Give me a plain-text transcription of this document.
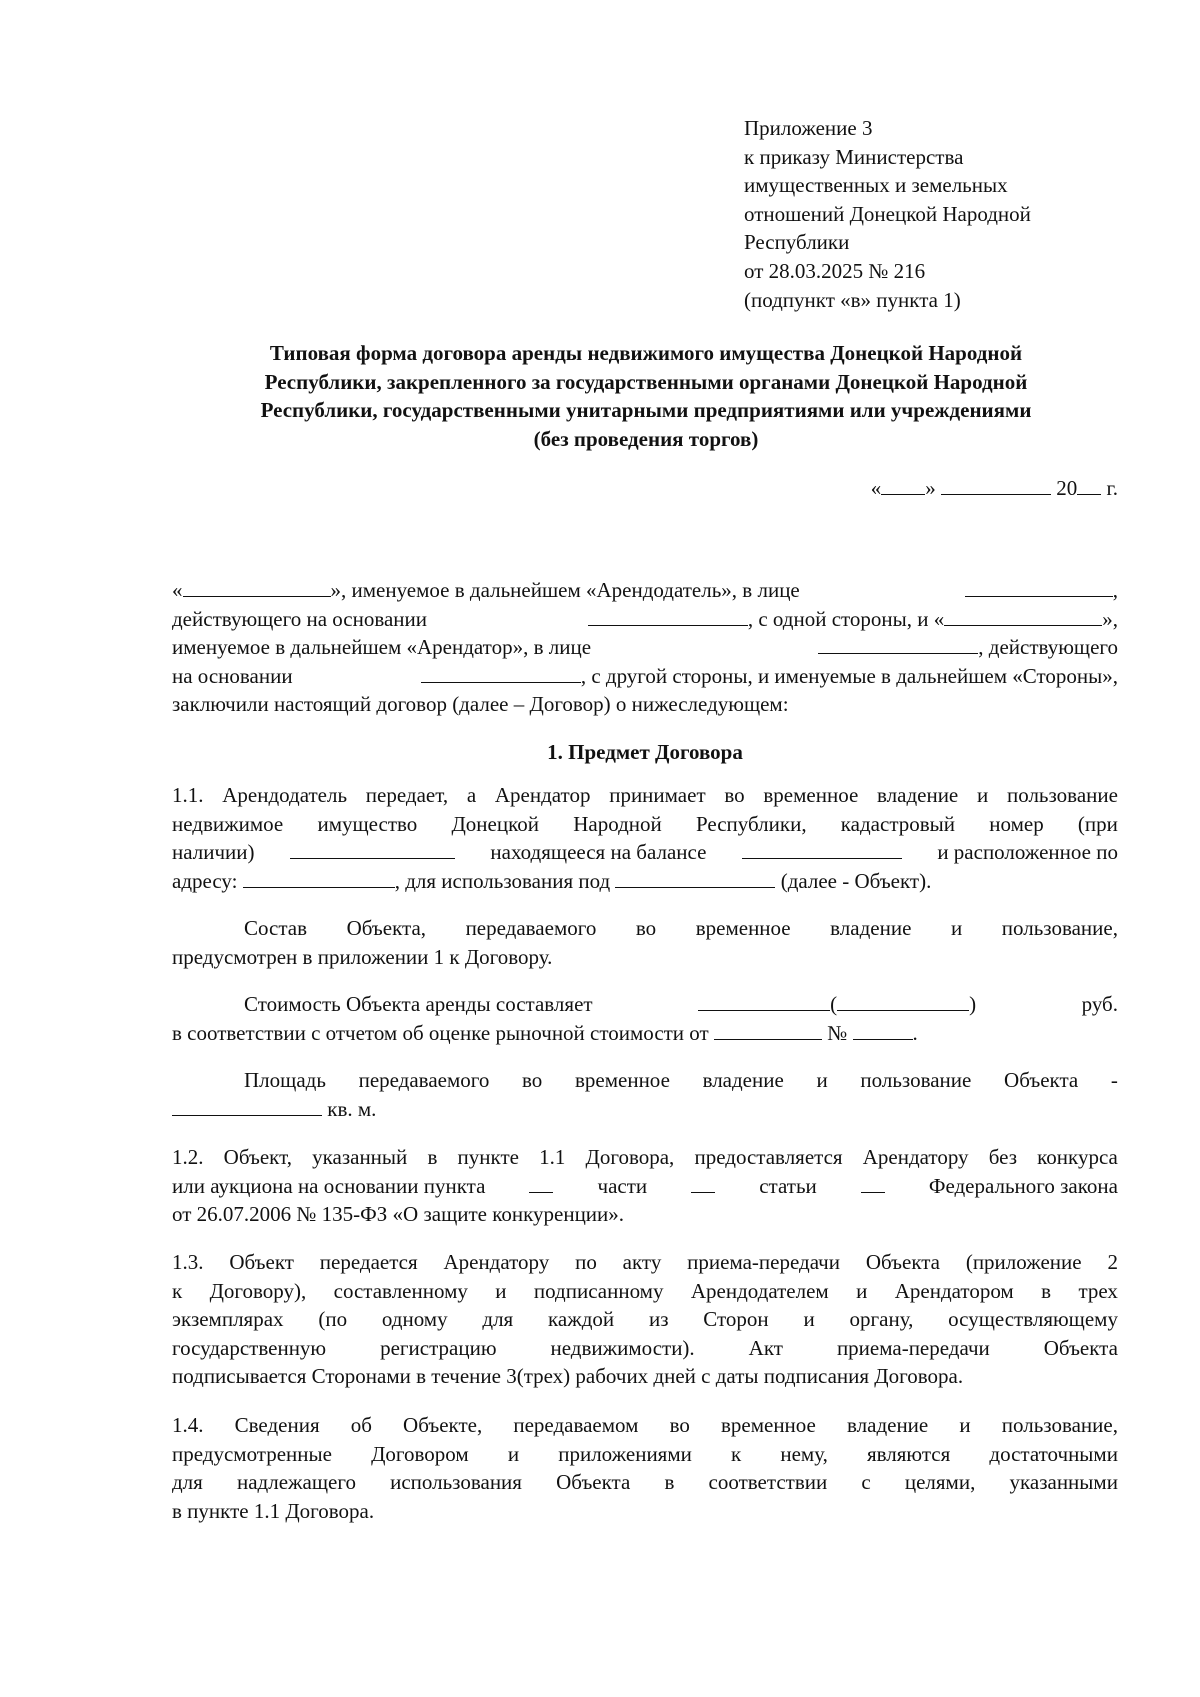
Приложение 3
к приказу Министерства
имущественных и земельных
отношений Донецкой Народной
Республики
от 28.03.2025 № 216
(подпункт «в» пункта 1)
Типовая форма договора аренды недвижимого имущества Донецкой Народной
Республики, закрепленного за государственными органами Донецкой Народной
Республики, государственными унитарными предприятиями или учреждениями
(без проведения торгов)
« »	20 г.
«	», именуемое в дальнейшем «Арендодатель», в лице	,
действующего на основании	, с одной стороны, и «	»,
именуемое в дальнейшем «Арендатор», в лице	, действующего
на основании	, с другой стороны, и именуемые в дальнейшем «Стороны»,
заключили настоящий договор (далее – Договор) о нижеследующем:
1. Предмет Договора
1.1. Арендодатель передает, а Арендатор принимает во временное владение и пользование
недвижимое имущество Донецкой Народной Республики, кадастровый номер (при
наличии)	находящееся на балансе	и расположенное по
адресу:
	, для использования под

	(далее - Объект).
Состав Объекта, передаваемого во временное владение и пользование,
предусмотрен в приложении 1 к Договору.
Стоимость Объекта аренды составляет	(	)	руб.
в соответствии с отчетом об оценке рыночной стоимости от

	№
	.
Площадь передаваемого во временное владение и пользование Объекта -

кв. м.
1.2. Объект, указанный в пункте 1.1 Договора, предоставляется Арендатору без конкурса
или аукциона на основании пункта	части	статьи	Федерального закона
от 26.07.2006 № 135-ФЗ «О защите конкуренции».
1.3. Объект передается Арендатору по акту приема-передачи Объекта (приложение 2
к Договору), составленному и подписанному Арендодателем и Арендатором в трех
экземплярах (по одному для каждой из Сторон и органу, осуществляющему
государственную	регистрацию	недвижимости).	Акт	приема-передачи	Объекта
подписывается Сторонами в течение 3(трех) рабочих дней с даты подписания Договора.
1.4. Сведения об Объекте, передаваемом во временное владение и пользование,
предусмотренные Договором и приложениями к нему, являются достаточными
для надлежащего использования Объекта в соответствии с целями, указанными
в пункте 1.1 Договора.
